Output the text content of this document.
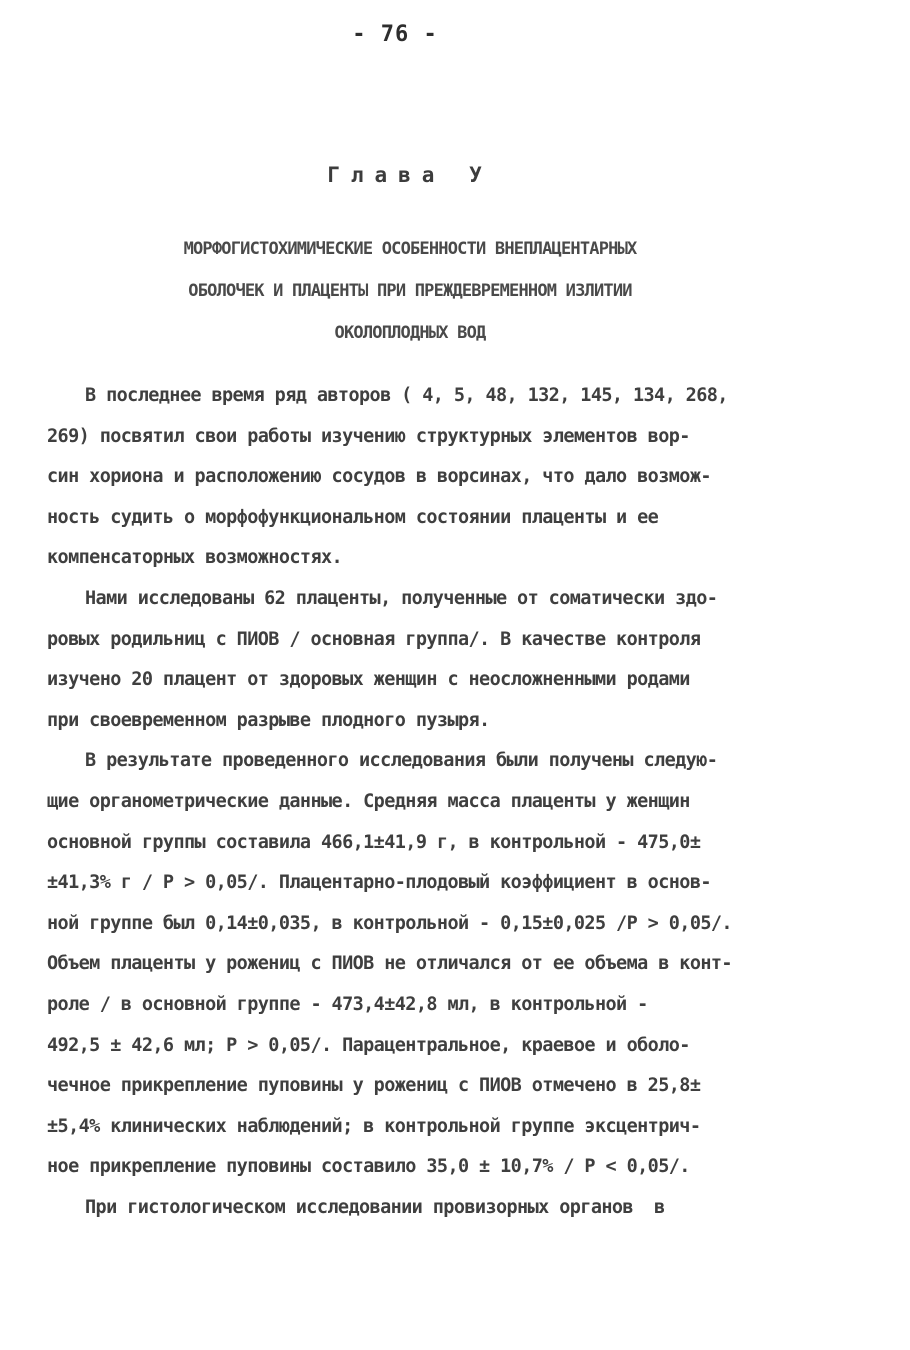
- 76 -
Глава У
МОРФОГИСТОХИМИЧЕСКИЕ ОСОБЕННОСТИ ВНЕПЛАЦЕНТАРНЫХ
ОБОЛОЧЕК И ПЛАЦЕНТЫ ПРИ ПРЕЖДЕВРЕМЕННОМ ИЗЛИТИИ
ОКОЛОПЛОДНЫХ ВОД
В последнее время ряд авторов ( 4, 5, 48, 132, 145, 134, 268,
269) посвятил свои работы изучению структурных элементов вор-
син хориона и расположению сосудов в ворсинах, что дало возмож-
ность судить о морфофункциональном состоянии плаценты и ее
компенсаторных возможностях.
Нами исследованы 62 плаценты, полученные от соматически здо-
ровых родильниц с ПИОВ / основная группа/. В качестве контроля
изучено 20 плацент от здоровых женщин с неосложненными родами
при своевременном разрыве плодного пузыря.
В результате проведенного исследования были получены следую-
щие органометрические данные. Средняя масса плаценты у женщин
основной группы составила 466,1±41,9 г, в контрольной - 475,0±
±41,3% г / Р > 0,05/. Плацентарно-плодовый коэффициент в основ-
ной группе был 0,14±0,035, в контрольной - 0,15±0,025 /Р > 0,05/.
Объем плаценты у рожениц с ПИОВ не отличался от ее объема в конт-
роле / в основной группе - 473,4±42,8 мл, в контрольной -
492,5 ± 42,6 мл; Р > 0,05/. Парацентральное, краевое и оболо-
чечное прикрепление пуповины у рожениц с ПИОВ отмечено в 25,8±
±5,4% клинических наблюдений; в контрольной группе эксцентрич-
ное прикрепление пуповины составило 35,0 ± 10,7% / Р < 0,05/.
При гистологическом исследовании провизорных органов  в
